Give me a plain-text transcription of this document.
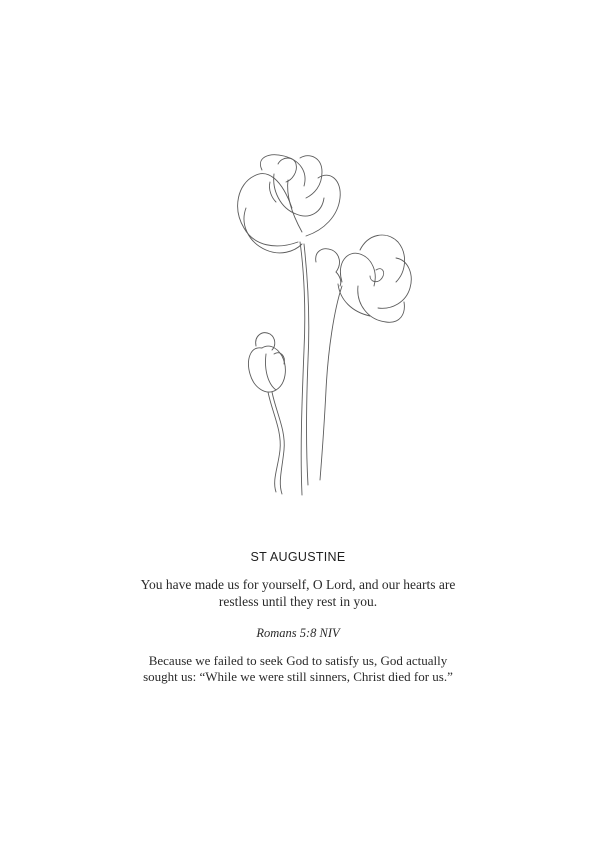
ST AUGUSTINE
You have made us for yourself, O Lord, and our hearts are restless until they rest in you.
Romans 5:8 NIV
Because we failed to seek God to satisfy us, God actually sought us: “While we were still sinners, Christ died for us.”
